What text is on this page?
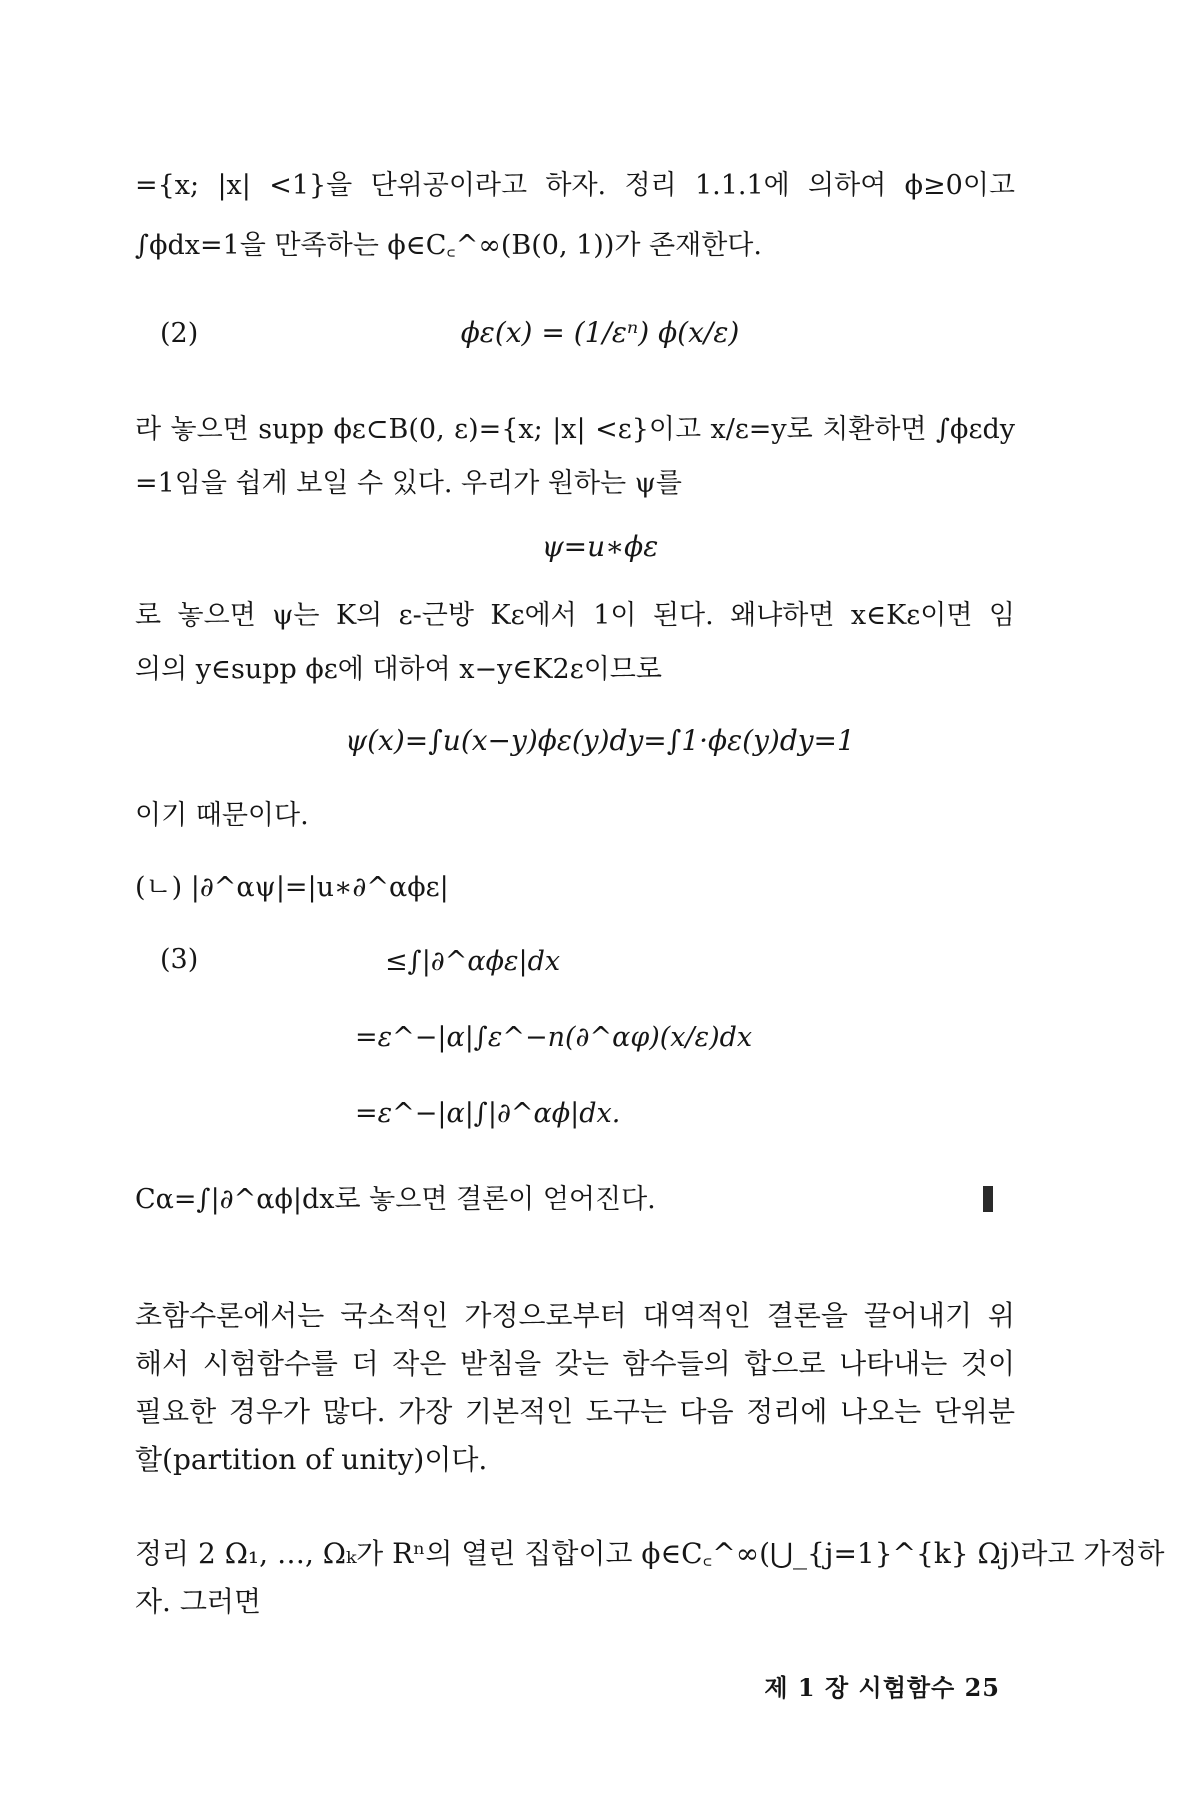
={x; |x| <1}을 단위공이라고 하자. 정리 1.1.1에 의하여 ϕ≥0이고
∫ϕdx=1을 만족하는 ϕ∈C꜀^∞(B(0, 1))가 존재한다.
(2)	ϕε(x) = (1/εⁿ) ϕ(x/ε)
라 놓으면 supp ϕε⊂B(0, ε)={x; |x| <ε}이고 x/ε=y로 치환하면 ∫ϕεdy
=1임을 쉽게 보일 수 있다. 우리가 원하는 ψ를
ψ=u∗ϕε
로 놓으면 ψ는 K의 ε-근방 Kε에서 1이 된다. 왜냐하면 x∈Kε이면 임
의의 y∈supp ϕε에 대하여 x−y∈K2ε이므로
ψ(x)=∫u(x−y)ϕε(y)dy=∫1·ϕε(y)dy=1
이기 때문이다.
(ㄴ) |∂^αψ|=|u∗∂^αϕε|
(3)	≤∫|∂^αϕε|dx
=ε^−|α|∫ε^−n(∂^αφ)(x/ε)dx
=ε^−|α|∫|∂^αϕ|dx.
Cα=∫|∂^αϕ|dx로 놓으면 결론이 얻어진다.
초함수론에서는 국소적인 가정으로부터 대역적인 결론을 끌어내기 위
해서 시험함수를 더 작은 받침을 갖는 함수들의 합으로 나타내는 것이
필요한 경우가 많다. 가장 기본적인 도구는 다음 정리에 나오는 단위분
할(partition of unity)이다.
정리 2 Ω₁, …, Ωₖ가 Rⁿ의 열린 집합이고 ϕ∈C꜀^∞(⋃_{j=1}^{k} Ωj)라고 가정하
자. 그러면
제 1 장 시험함수 25
